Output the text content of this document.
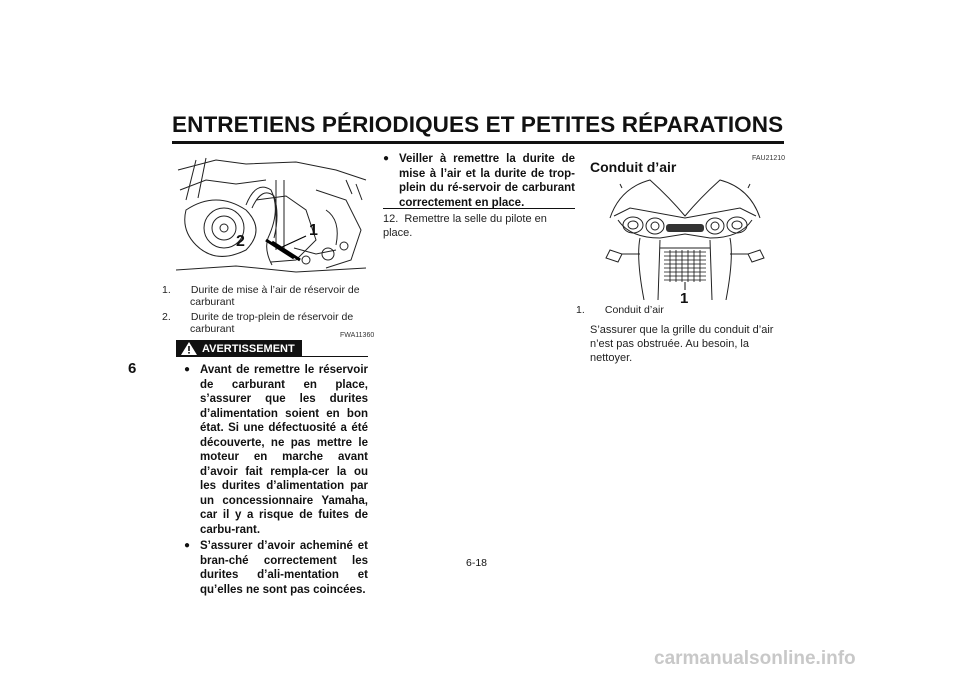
ENTRETIENS PÉRIODIQUES ET PETITES RÉPARATIONS
6
2
1

1. Durite de mise à l’air de réservoir de carburant

2. Durite de trop-plein de réservoir de carburant

FWA11360
AVERTISSEMENT

● Avant de remettre le réservoir de carburant en place, s’assurer que les durites d’alimentation soient en bon état. Si une défectuosité a été découverte, ne pas mettre le moteur en marche avant d’avoir fait rempla-cer la ou les durites d’alimentation par un concessionnaire Yamaha, car il y a risque de fuites de carbu-rant.

● S’assurer d’avoir acheminé et bran-ché correctement les durites d’ali-mentation et qu’elles ne sont pas coincées.

● Veiller à remettre la durite de mise à l’air et la durite de trop-plein du ré-servoir de carburant correctement en place.

12. Remettre la selle du pilote en place.
FAU21210
Conduit d’air
1

1. Conduit d’air

S’assurer que la grille du conduit d’air n’est pas obstruée. Au besoin, la nettoyer.
6-18
carmanualsonline.info
